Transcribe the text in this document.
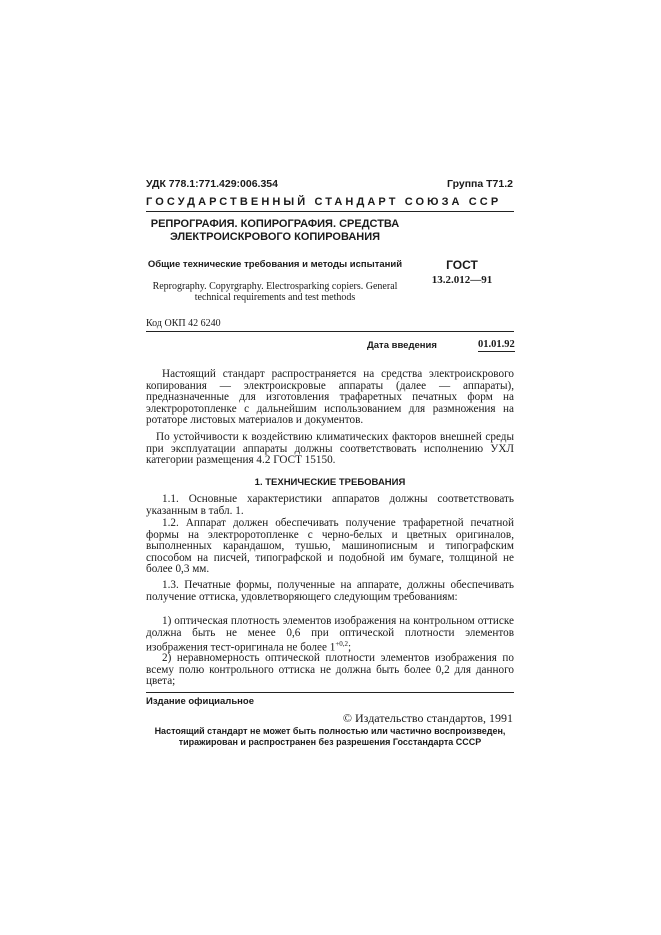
УДК 778.1:771.429:006.354	Группа Т71.2
ГОСУДАРСТВЕННЫЙ СТАНДАРТ СОЮЗА ССР
РЕПРОГРАФИЯ. КОПИРОГРАФИЯ. СРЕДСТВА ЭЛЕКТРОИСКРОВОГО КОПИРОВАНИЯ
Общие технические требования и методы испытаний
Reprography. Copyrgraphy. Electrosparking copiers. General technical requirements and test methods
Код ОКП 42 6240
ГОСТ
13.2.012—91
Дата введения	01.01.92
Настоящий стандарт распространяется на средства электроискрового копирования — электроискровые аппараты (далее — аппараты), предназначенные для изготовления трафаретных печатных форм на электроротопленке с дальнейшим использованием для размножения на ротаторе листовых материалов и документов.
По устойчивости к воздействию климатических факторов внешней среды при эксплуатации аппараты должны соответствовать исполнению УХЛ категории размещения 4.2 ГОСТ 15150.
1. ТЕХНИЧЕСКИЕ ТРЕБОВАНИЯ
1.1. Основные характеристики аппаратов должны соответствовать указанным в табл. 1.
1.2. Аппарат должен обеспечивать получение трафаретной печатной формы на электроротопленке с черно-белых и цветных оригиналов, выполненных карандашом, тушью, машинописным и типографским способом на писчей, типографской и подобной им бумаге, толщиной не более 0,3 мм.
1.3. Печатные формы, полученные на аппарате, должны обеспечивать получение оттиска, удовлетворяющего следующим требованиям:
1) оптическая плотность элементов изображения на контрольном оттиске должна быть не менее 0,6 при оптической плотности элементов изображения тест-оригинала не более $1^{+0,2}$;
2) неравномерность оптической плотности элементов изображения по всему полю контрольного оттиска не должна быть более 0,2 для данного цвета;
Издание официальное
© Издательство стандартов, 1991
Настоящий стандарт не может быть полностью или частично воспроизведен, тиражирован и распространен без разрешения Госстандарта СССР
